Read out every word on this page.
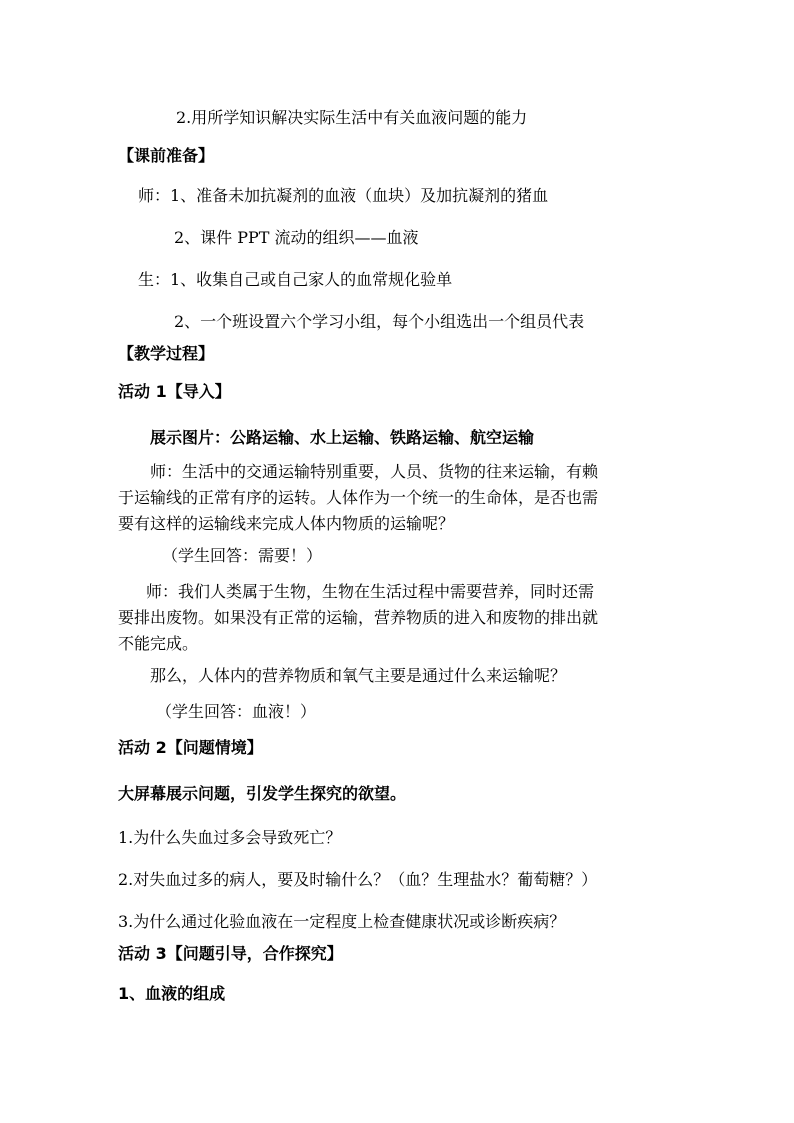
2.用所学知识解决实际生活中有关血液问题的能力
【课前准备】
师：1、准备未加抗凝剂的血液（血块）及加抗凝剂的猪血
2、课件 PPT 流动的组织——血液
生：1、收集自己或自己家人的血常规化验单
2、一个班设置六个学习小组，每个小组选出一个组员代表
【教学过程】
活动 1【导入】
展示图片：公路运输、水上运输、铁路运输、航空运输
师：生活中的交通运输特别重要，人员、货物的往来运输，有赖
于运输线的正常有序的运转。人体作为一个统一的生命体，是否也需
要有这样的运输线来完成人体内物质的运输呢？
（学生回答：需要！）
师：我们人类属于生物，生物在生活过程中需要营养，同时还需
要排出废物。如果没有正常的运输，营养物质的进入和废物的排出就
不能完成。
那么，人体内的营养物质和氧气主要是通过什么来运输呢？
（学生回答：血液！）
活动 2【问题情境】
大屏幕展示问题，引发学生探究的欲望。
1.为什么失血过多会导致死亡？
2.对失血过多的病人，要及时输什么？（血？生理盐水？葡萄糖？）
3.为什么通过化验血液在一定程度上检查健康状况或诊断疾病？
活动 3【问题引导，合作探究】
1、血液的组成
